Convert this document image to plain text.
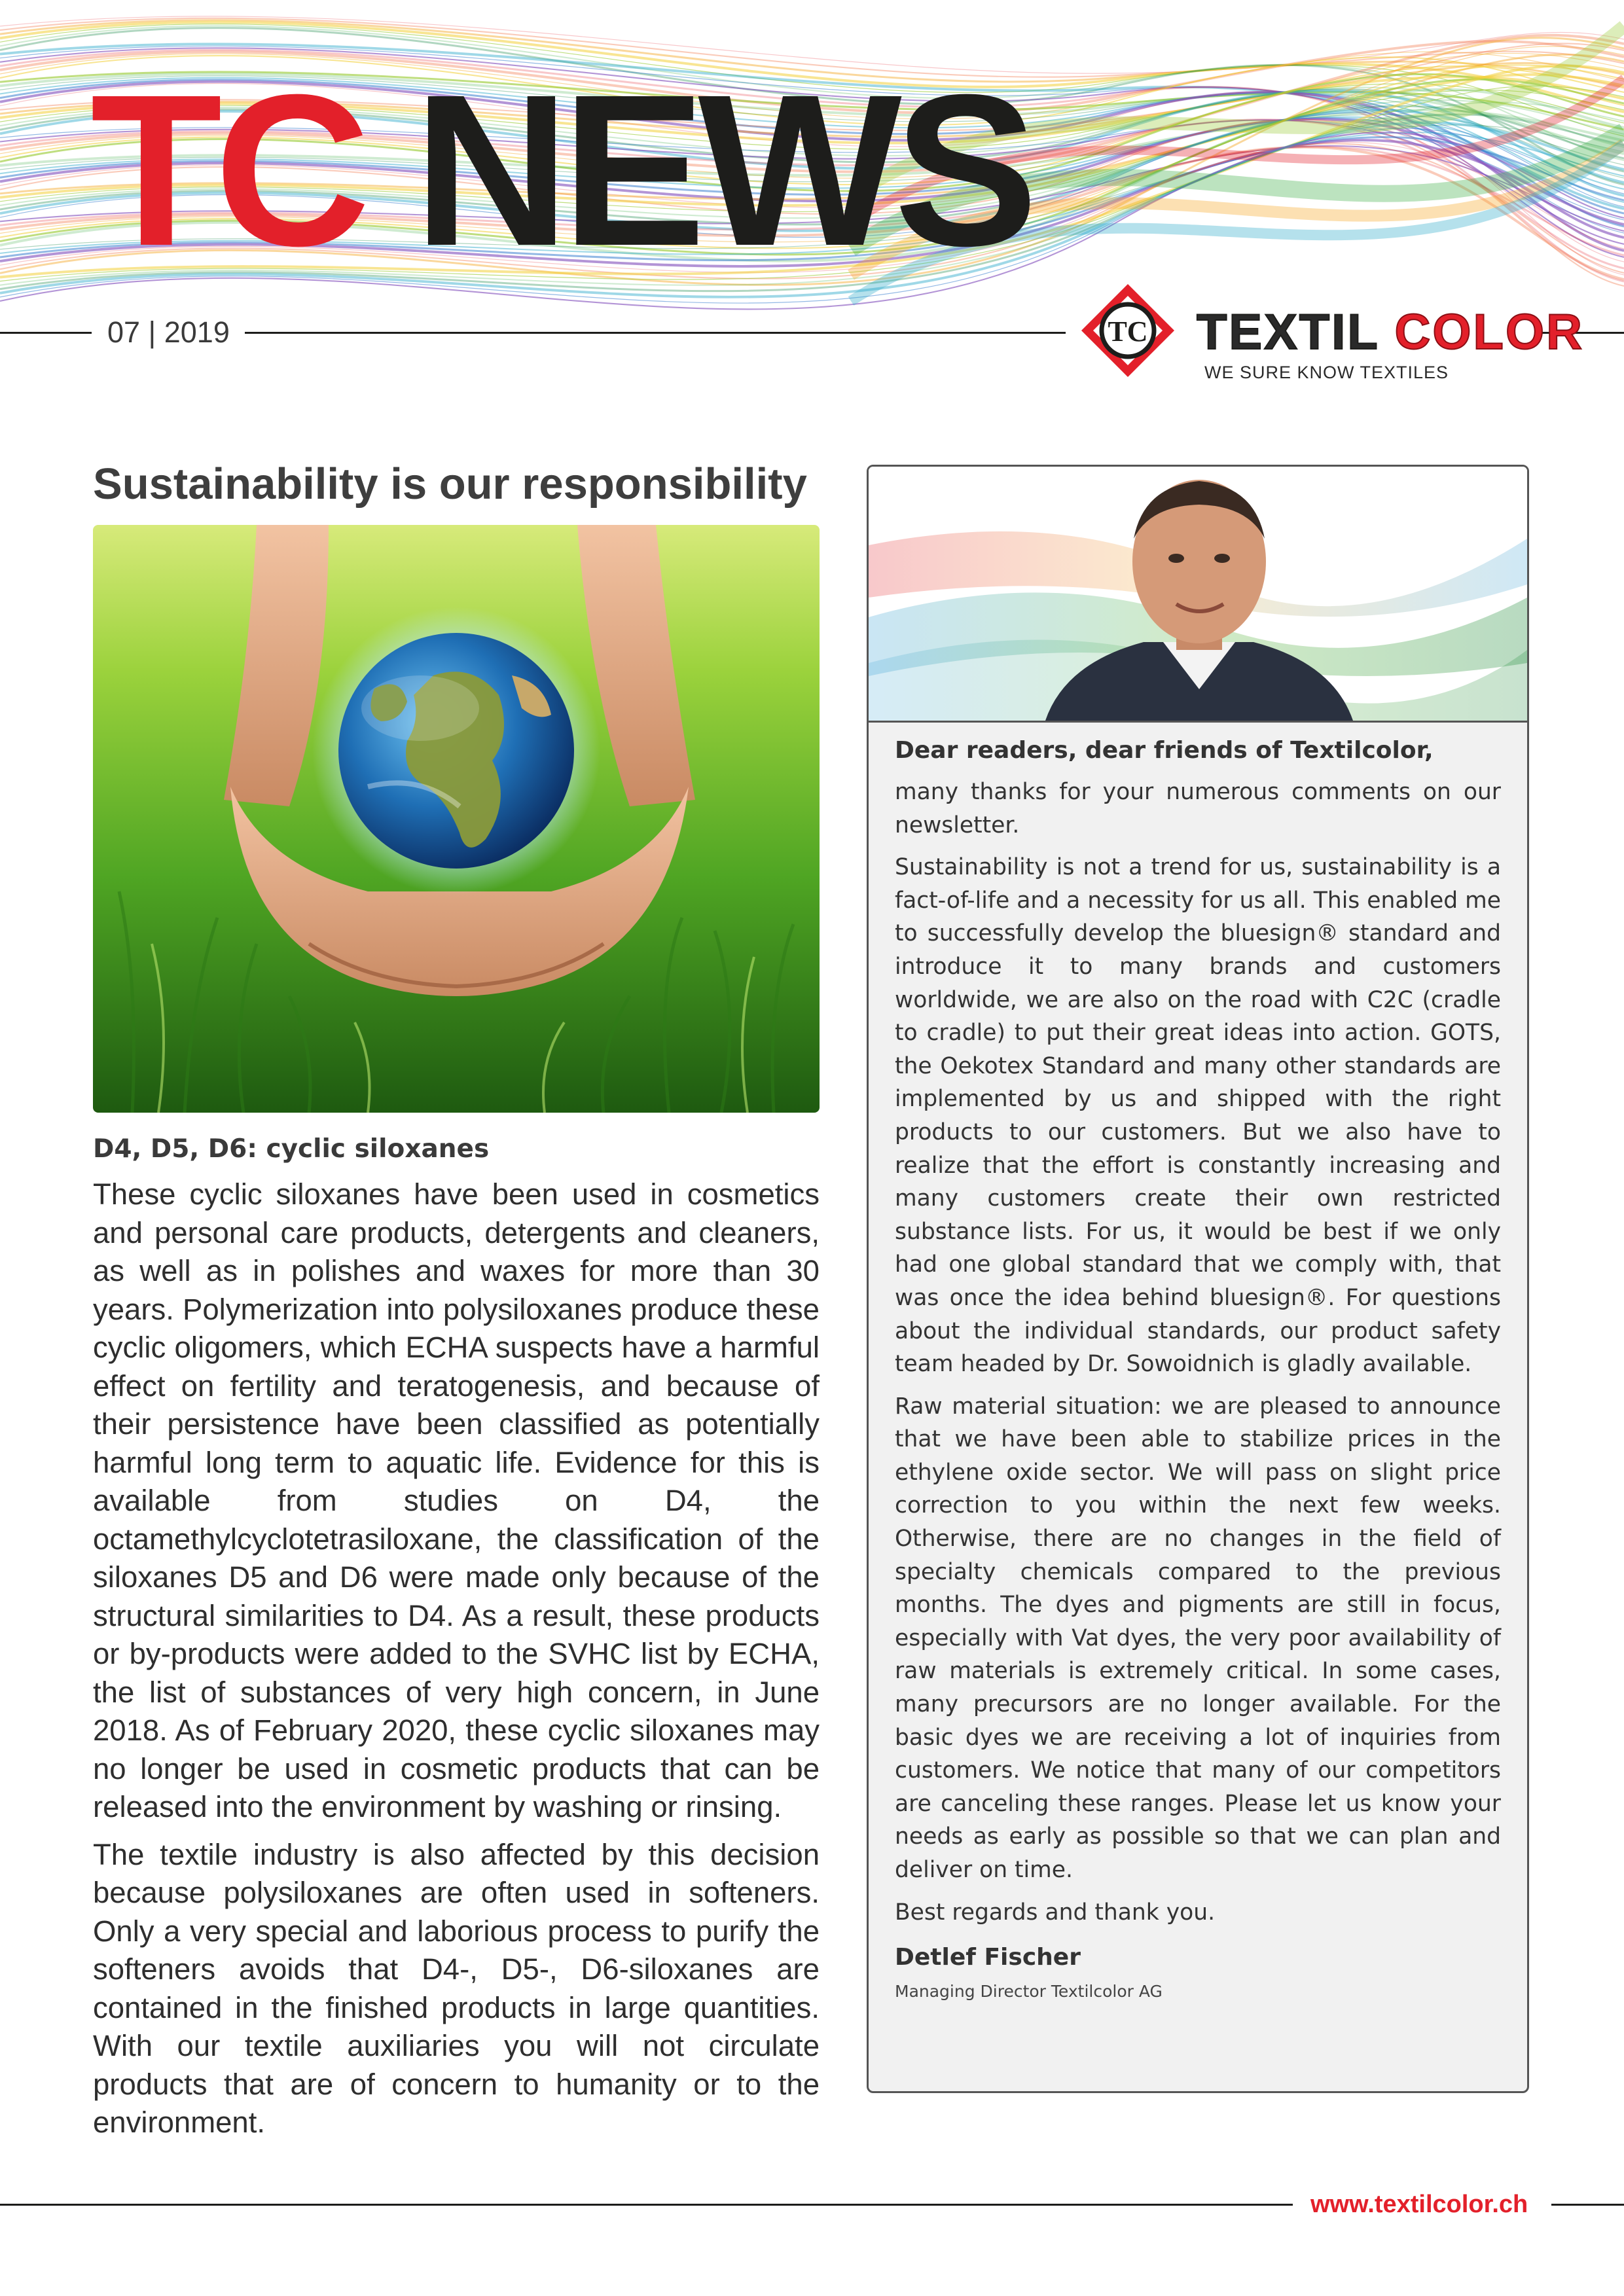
TC NEWS
07 | 2019	TC TEXTIL COLOR
WE SURE KNOW TEXTILES
Sustainability is our responsibility
D4, D5, D6: cyclic siloxanes

These cyclic siloxanes have been used in cosmetics and personal care products, detergents and cleaners, as well as in polishes and waxes for more than 30 years. Polymerization into polysiloxanes produce these cyclic oligomers, which ECHA suspects have a harmful effect on fertility and teratogenesis, and because of their persistence have been classified as potentially harmful long term to aquatic life. Evidence for this is available from studies on D4, the octamethylcyclotetrasiloxane, the classification of the siloxanes D5 and D6 were made only because of the structural similarities to D4. As a result, these products or by-products were added to the SVHC list by ECHA, the list of substances of very high concern, in June 2018. As of February 2020, these cyclic siloxanes may no longer be used in cosmetic products that can be released into the environment by washing or rinsing.

The textile industry is also affected by this decision because polysiloxanes are often used in softeners. Only a very special and laborious process to purify the softeners avoids that D4-, D5-, D6-siloxanes are contained in the finished products in large quantities. With our textile auxiliaries you will not circulate products that are of concern to humanity or to the environment.

Dear readers, dear friends of Textilcolor,

many thanks for your numerous comments on our newsletter.

Sustainability is not a trend for us, sustainability is a fact-of-life and a necessity for us all. This enabled me to successfully develop the bluesign® standard and introduce it to many brands and customers worldwide, we are also on the road with C2C (cradle to cradle) to put their great ideas into action. GOTS, the Oekotex Standard and many other standards are implemented by us and shipped with the right products to our customers. But we also have to realize that the effort is constantly increasing and many customers create their own restricted substance lists. For us, it would be best if we only had one global standard that we comply with, that was once the idea behind bluesign®. For questions about the individual standards, our product safety team headed by Dr. Sowoidnich is gladly available.

Raw material situation: we are pleased to announce that we have been able to stabilize prices in the ethylene oxide sector. We will pass on slight price correction to you within the next few weeks. Otherwise, there are no changes in the field of specialty chemicals compared to the previous months. The dyes and pigments are still in focus, especially with Vat dyes, the very poor availability of raw materials is extremely critical. In some cases, many precursors are no longer available. For the basic dyes we are receiving a lot of inquiries from customers. We notice that many of our competitors are canceling these ranges. Please let us know your needs as early as possible so that we can plan and deliver on time.

Best regards and thank you.

Detlef Fischer

Managing Director Textilcolor AG

www.textilcolor.ch
